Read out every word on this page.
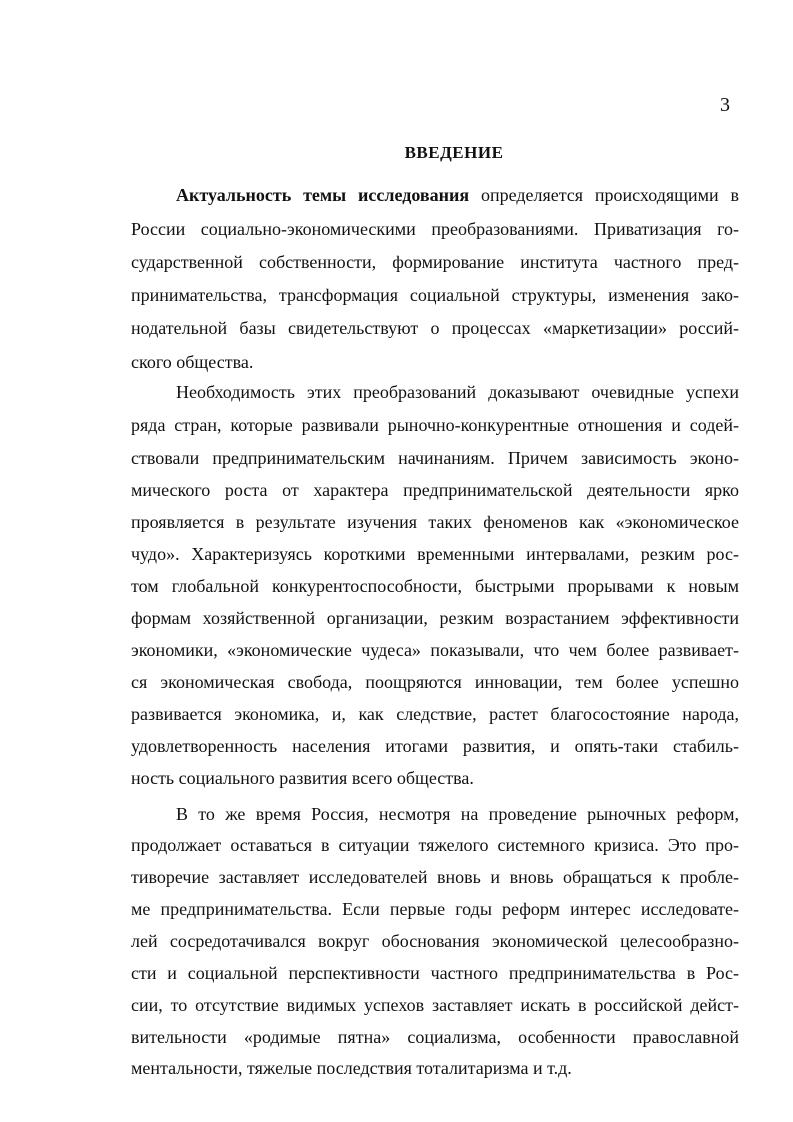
3
ВВЕДЕНИЕ
Актуальность темы исследования определяется происходящими в
России социально-экономическими преобразованиями. Приватизация го-
сударственной собственности, формирование института частного пред-
принимательства, трансформация социальной структуры, изменения зако-
нодательной базы свидетельствуют о процессах «маркетизации» россий-
ского общества.
Необходимость этих преобразований доказывают очевидные успехи
ряда стран, которые развивали рыночно-конкурентные отношения и содей-
ствовали предпринимательским начинаниям. Причем зависимость эконо-
мического роста от характера предпринимательской деятельности ярко
проявляется в результате изучения таких феноменов как «экономическое
чудо». Характеризуясь короткими временными интервалами, резким рос-
том глобальной конкурентоспособности, быстрыми прорывами к новым
формам хозяйственной организации, резким возрастанием эффективности
экономики, «экономические чудеса» показывали, что чем более развивает-
ся экономическая свобода, поощряются инновации, тем более успешно
развивается экономика, и, как следствие, растет благосостояние народа,
удовлетворенность населения итогами развития, и опять-таки стабиль-
ность социального развития всего общества.
В то же время Россия, несмотря на проведение рыночных реформ,
продолжает оставаться в ситуации тяжелого системного кризиса. Это про-
тиворечие заставляет исследователей вновь и вновь обращаться к пробле-
ме предпринимательства. Если первые годы реформ интерес исследовате-
лей сосредотачивался вокруг обоснования экономической целесообразно-
сти и социальной перспективности частного предпринимательства в Рос-
сии, то отсутствие видимых успехов заставляет искать в российской дейст-
вительности «родимые пятна» социализма, особенности православной
ментальности, тяжелые последствия тоталитаризма и т.д.
